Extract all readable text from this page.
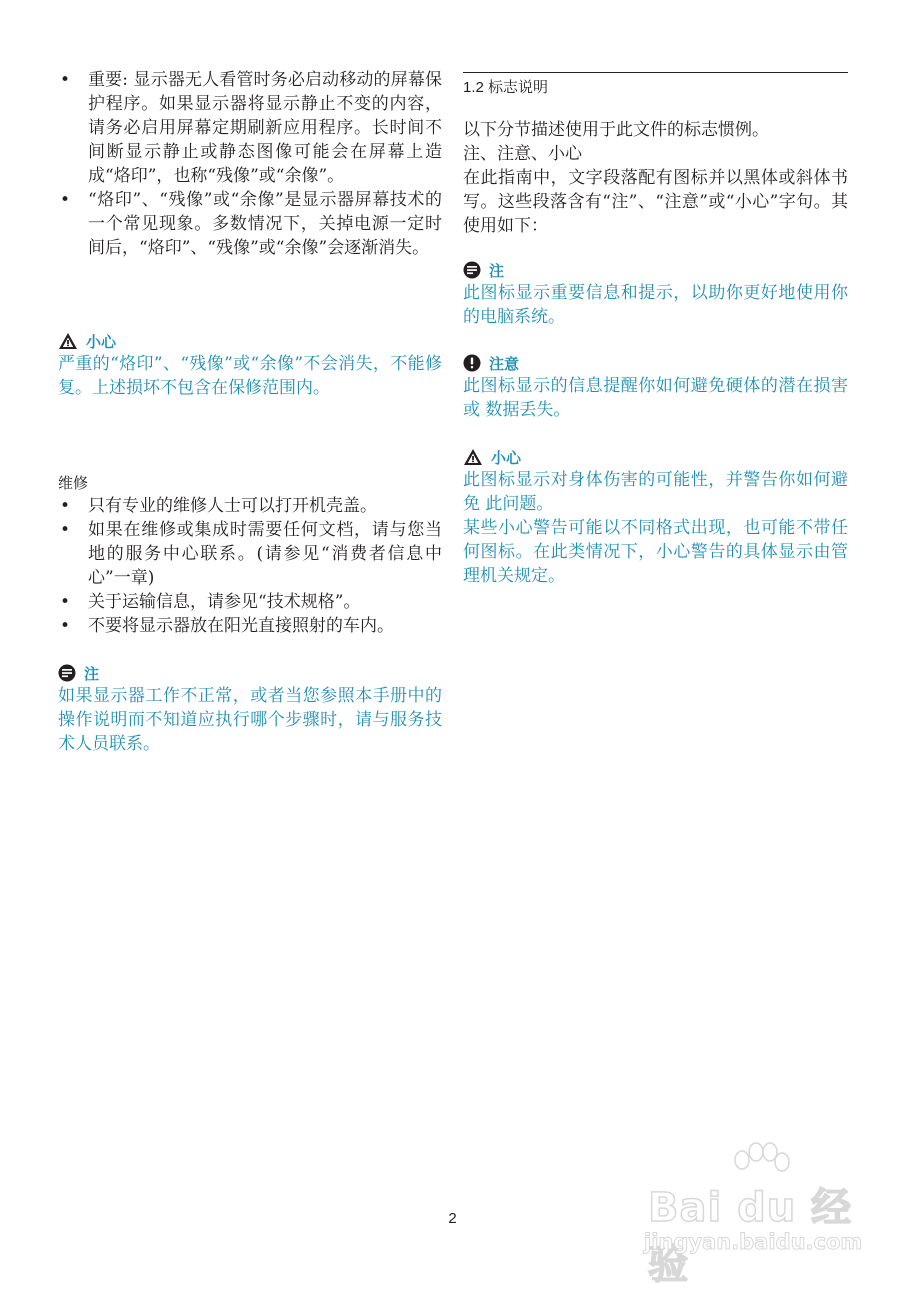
• 重要: 显示器无人看管时务必启动移动的屏幕保护程序。如果显示器将显示静止不变的内容，请务必启用屏幕定期刷新应用程序。长时间不间断显示静止或静态图像可能会在屏幕上造成“烙印”，也称“残像”或“余像”。
• “烙印”、“残像”或“余像”是显示器屏幕技术的一个常见现象。多数情况下，关掉电源一定时间后，“烙印”、“残像”或“余像”会逐渐消失。
小心
严重的“烙印”、“残像”或“余像”不会消失，不能修复。上述损坏不包含在保修范围内。
维修
• 只有专业的维修人士可以打开机壳盖。
• 如果在维修或集成时需要任何文档，请与您当地的服务中心联系。(请参见“消费者信息中心”一章)
• 关于运输信息，请参见“技术规格”。
• 不要将显示器放在阳光直接照射的车内。
注
如果显示器工作不正常，或者当您参照本手册中的操作说明而不知道应执行哪个步骤时，请与服务技术人员联系。
1.2 标志说明
以下分节描述使用于此文件的标志惯例。
注、注意、小心
在此指南中，文字段落配有图标并以黑体或斜体书写。这些段落含有“注”、“注意”或“小心”字句。其使用如下：
注
此图标显示重要信息和提示，以助你更好地使用你 的电脑系统。
注意
此图标显示的信息提醒你如何避免硬体的潜在损害或 数据丢失。
小心
此图标显示对身体伤害的可能性，并警告你如何避免 此问题。
某些小心警告可能以不同格式出现，也可能不带任何图标。在此类情况下，小心警告的具体显示由管理机关规定。
2	Bai du 经验
jingyan.baidu.com
